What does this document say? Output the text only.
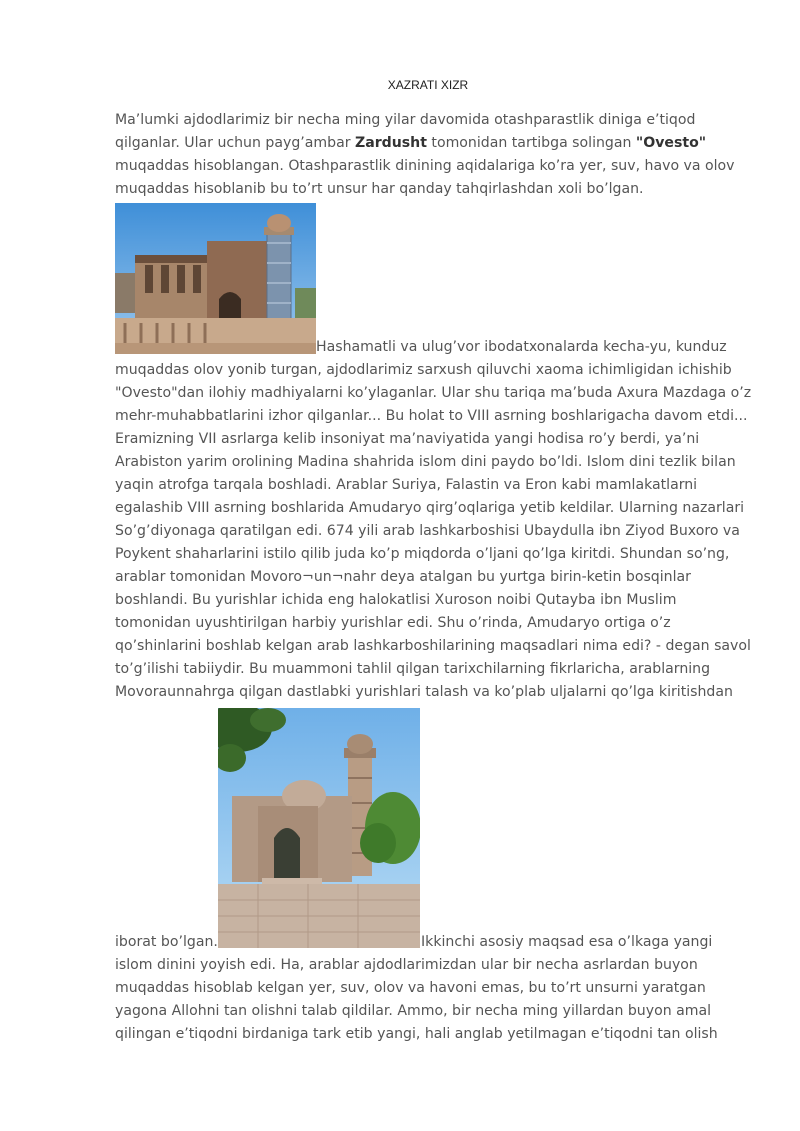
XAZRATI XIZR

Ma’lumki ajdodlarimiz bir necha ming yilar davomida otashparastlik diniga e’tiqod qilganlar. Ular uchun payg’ambar Zardusht tomonidan tartibga solingan "Ovesto" muqaddas hisoblangan. Otashparastlik dinining aqidalariga ko’ra yer, suv, havo va olov muqaddas hisoblanib bu to’rt unsur har qanday tahqirlashdan xoli bo’lgan.

Hashamatli va ulug’vor ibodatxonalarda kecha-yu, kunduz
muqaddas olov yonib turgan, ajdodlarimiz sarxush qiluvchi xaoma ichimligidan ichishib
"Ovesto"dan ilohiy madhiyalarni ko’ylaganlar. Ular shu tariqa ma’buda Axura Mazdaga o’z
mehr-muhabbatlarini izhor qilganlar... Bu holat to VIII asrning boshlarigacha davom etdi...
Eramizning VII asrlarga kelib insoniyat ma’naviyatida yangi hodisa ro’y berdi, ya’ni
Arabiston yarim orolining Madina shahrida islom dini paydo bo’ldi. Islom dini tezlik bilan
yaqin atrofga tarqala boshladi. Arablar Suriya, Falastin va Eron kabi mamlakatlarni
egalashib VIII asrning boshlarida Amudaryo qirg’oqlariga yetib keldilar. Ularning nazarlari
So’g’diyonaga qaratilgan edi. 674 yili arab lashkarboshisi Ubaydulla ibn Ziyod Buxoro va
Poykent shaharlarini istilo qilib juda ko’p miqdorda o’ljani qo’lga kiritdi. Shundan so’ng,
arablar tomonidan Movoro¬un¬nahr deya atalgan bu yurtga birin-ketin bosqinlar
boshlandi. Bu yurishlar ichida eng halokatlisi Xuroson noibi Qutayba ibn Muslim
tomonidan uyushtirilgan harbiy yurishlar edi. Shu o’rinda, Amudaryo ortiga o’z
qo’shinlarini boshlab kelgan arab lashkarboshilarining maqsadlari nima edi? - degan savol
to’g’ilishi tabiiydir. Bu muammoni tahlil qilgan tarixchilarning fikrlaricha, arablarning
Movoraunnahrga qilgan dastlabki yurishlari talash va ko’plab uljalarni qo’lga kiritishdan
iborat bo’lgan.	Ikkinchi asosiy maqsad esa o’lkaga yangi
islom dinini yoyish edi. Ha, arablar ajdodlarimizdan ular bir necha asrlardan buyon
muqaddas hisoblab kelgan yer, suv, olov va havoni emas, bu to’rt unsurni yaratgan
yagona Allohni tan olishni talab qildilar. Ammo, bir necha ming yillardan buyon amal
qilingan e’tiqodni birdaniga tark etib yangi, hali anglab yetilmagan e’tiqodni tan olish
